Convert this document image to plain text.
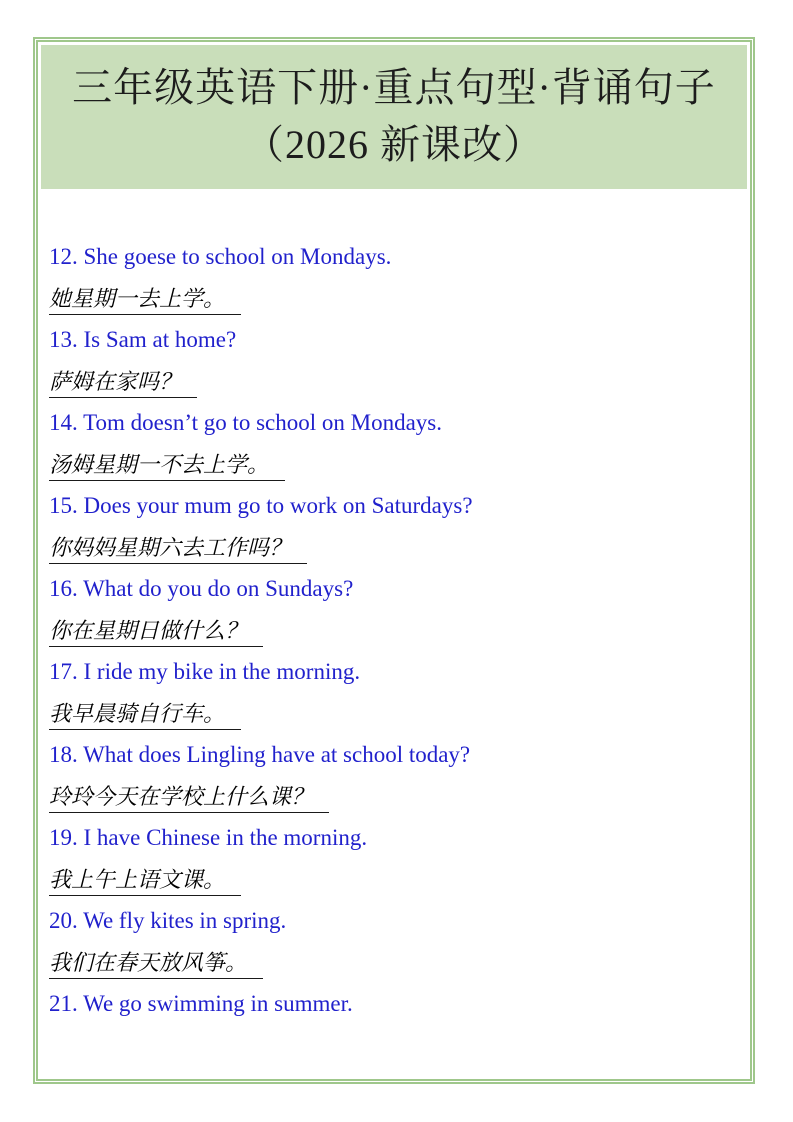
三年级英语下册·重点句型·背诵句子
（2026 新课改）

12. She goese to school on Mondays.

她星期一去上学。

13. Is Sam at home?

萨姆在家吗？

14. Tom doesn’t go to school on Mondays.

汤姆星期一不去上学。

15. Does your mum go to work on Saturdays?

你妈妈星期六去工作吗？

16. What do you do on Sundays?

你在星期日做什么？

17. I ride my bike in the morning.

我早晨骑自行车。

18. What does Lingling have at school today?

玲玲今天在学校上什么课？

19. I have Chinese in the morning.

我上午上语文课。

20. We fly kites in spring.

我们在春天放风筝。

21. We go swimming in summer.
